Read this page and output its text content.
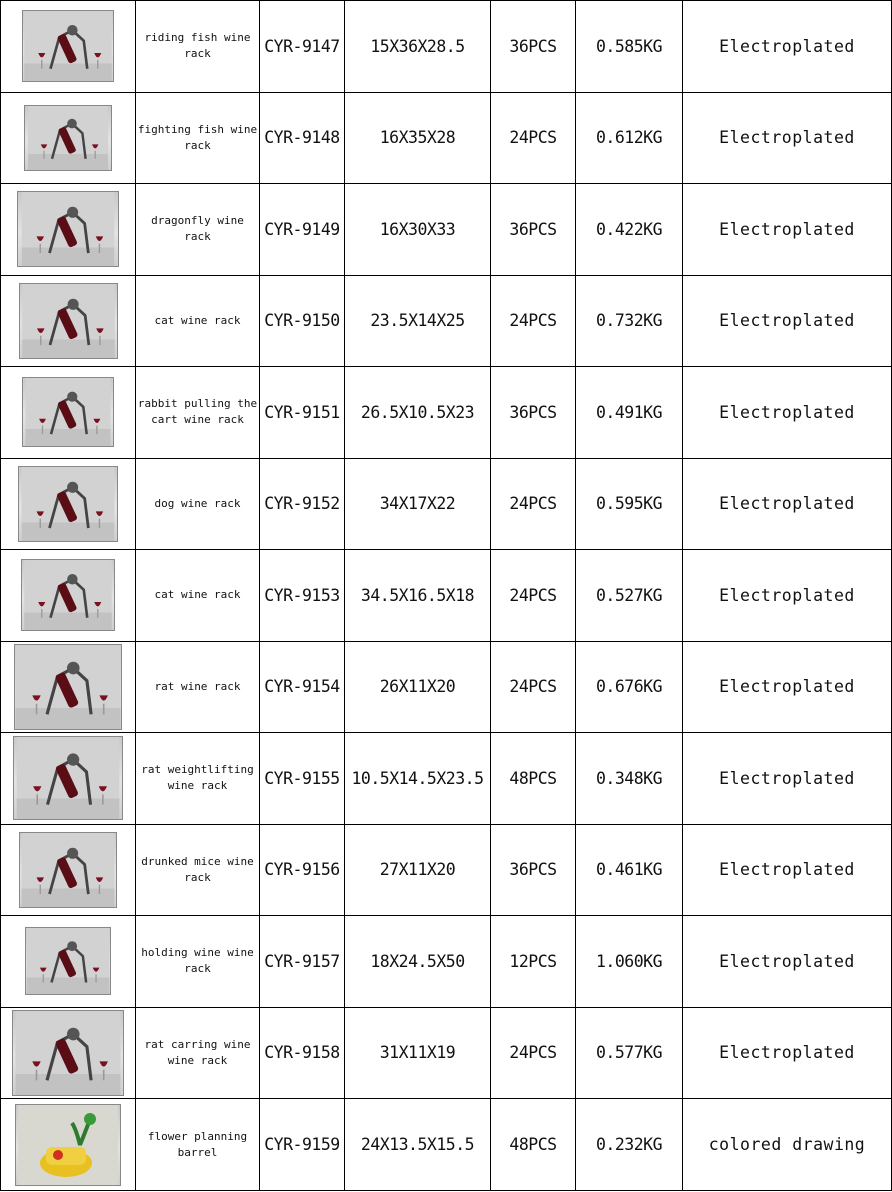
	riding fish wine rack	CYR-9147	15X36X28.5	36PCS	0.585KG	Electroplated

	fighting fish wine rack	CYR-9148	16X35X28	24PCS	0.612KG	Electroplated

	dragonfly wine rack	CYR-9149	16X30X33	36PCS	0.422KG	Electroplated

	cat wine rack	CYR-9150	23.5X14X25	24PCS	0.732KG	Electroplated

	rabbit pulling the cart wine rack	CYR-9151	26.5X10.5X23	36PCS	0.491KG	Electroplated

	dog wine rack	CYR-9152	34X17X22	24PCS	0.595KG	Electroplated

	cat wine rack	CYR-9153	34.5X16.5X18	24PCS	0.527KG	Electroplated

	rat wine rack	CYR-9154	26X11X20	24PCS	0.676KG	Electroplated

	rat weightlifting wine rack	CYR-9155	10.5X14.5X23.5	48PCS	0.348KG	Electroplated

	drunked mice wine rack	CYR-9156	27X11X20	36PCS	0.461KG	Electroplated

	holding wine wine rack	CYR-9157	18X24.5X50	12PCS	1.060KG	Electroplated

	rat carring wine wine rack	CYR-9158	31X11X19	24PCS	0.577KG	Electroplated

	flower planning barrel	CYR-9159	24X13.5X15.5	48PCS	0.232KG	colored drawing
